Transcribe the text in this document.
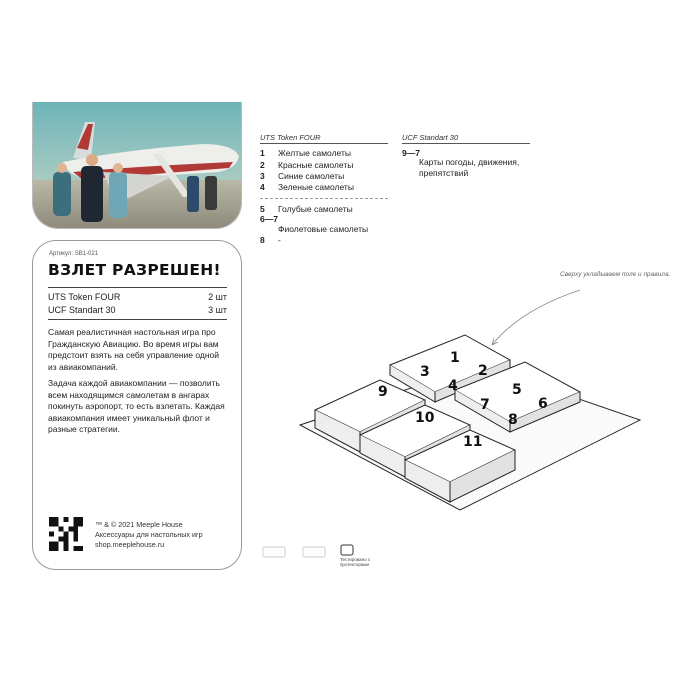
Артикул: SB1-021
ВЗЛЕТ РАЗРЕШЕН!
UTS Token FOUR	2 шт
UCF Standart 30	3 шт
Самая реалистичная настольная игра про Гражданскую Авиацию. Во время игры вам предстоит взять на себя управление одной из авиакомпаний.
Задача каждой авиакомпании — позволить всем находящимся самолетам в ангарах покинуть аэропорт, то есть взлетать. Каждая авиакомпания имеет уникальный флот и разные стратегии.
™ & © 2021 Meeple House
Аксессуары для настольных игр
shop.meeplehouse.ru
UTS Token FOUR	UCF Standart 30
1 Желтые самолеты
2 Красные самолеты
3 Синие самолеты
4 Зеленые самолеты
5 Голубые самолеты
6—7
Фиолетовые самолеты
8 -
9—7
Карты погоды, движения, препятствий
Сверху укладываем поле и правила.
1
2
3
4	5
6
7
8
9
10
11
Тестировано с протекторами
